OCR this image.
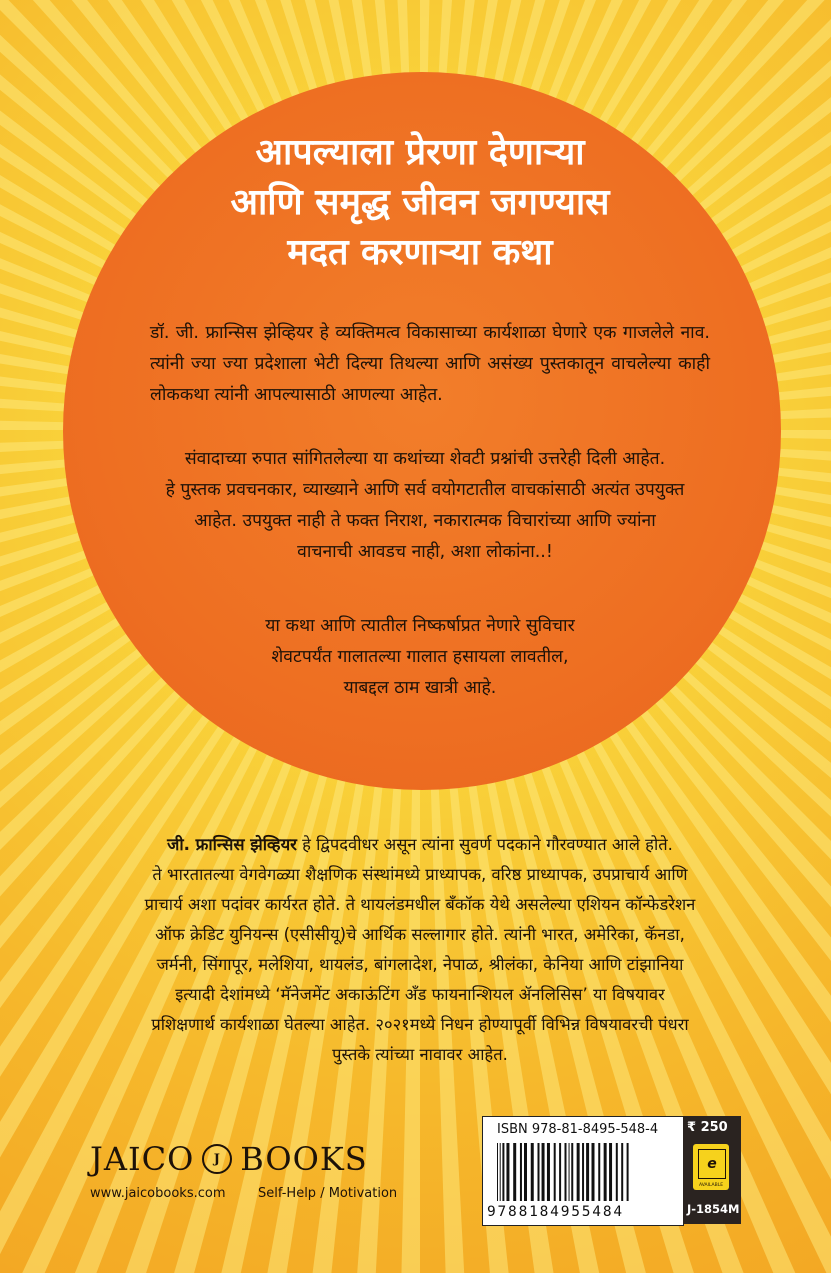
आपल्याला प्रेरणा देणाऱ्या
आणि समृद्ध जीवन जगण्यास
मदत करणाऱ्या कथा
डॉ. जी. फ्रान्सिस झेव्हियर हे व्यक्तिमत्व विकासाच्या कार्यशाळा घेणारे एक गाजलेले नाव. त्यांनी ज्या ज्या प्रदेशाला भेटी दिल्या तिथल्या आणि असंख्य पुस्तकातून वाचलेल्या काही लोककथा त्यांनी आपल्यासाठी आणल्या आहेत.
संवादाच्या रुपात सांगितलेल्या या कथांच्या शेवटी प्रश्नांची उत्तरेही दिली आहेत.
हे पुस्तक प्रवचनकार, व्याख्याने आणि सर्व वयोगटातील वाचकांसाठी अत्यंत उपयुक्त
आहेत. उपयुक्त नाही ते फक्त निराश, नकारात्मक विचारांच्या आणि ज्यांना
वाचनाची आवडच नाही, अशा लोकांना..!
या कथा आणि त्यातील निष्कर्षाप्रत नेणारे सुविचार
शेवटपर्यंत गालातल्या गालात हसायला लावतील,
याबद्दल ठाम खात्री आहे.
जी. फ्रान्सिस झेव्हियर हे द्विपदवीधर असून त्यांना सुवर्ण पदकाने गौरवण्यात आले होते.
ते भारतातल्या वेगवेगळ्या शैक्षणिक संस्थांमध्ये प्राध्यापक, वरिष्ठ प्राध्यापक, उपप्राचार्य आणि
प्राचार्य अशा पदांवर कार्यरत होते. ते थायलंडमधील बँकॉक येथे असलेल्या एशियन कॉन्फेडरेशन
ऑफ क्रेडिट युनियन्स (एसीसीयू)चे आर्थिक सल्लागार होते. त्यांनी भारत, अमेरिका, कॅनडा,
जर्मनी, सिंगापूर, मलेशिया, थायलंड, बांगलादेश, नेपाळ, श्रीलंका, केनिया आणि टांझानिया
इत्यादी देशांमध्ये ‘मॅनेजमेंट अकाऊंटिंग अँड फायनान्शियल ॲनलिसिस’ या विषयावर
प्रशिक्षणार्थ कार्यशाळा घेतल्या आहेत. २०२१मध्ये निधन होण्यापूर्वी विभिन्न विषयावरची पंधरा
पुस्तके त्यांच्या नावावर आहेत.
JAICO	J BOOKS
www.jaicobooks.com	Self-Help / Motivation
ISBN 978-81-8495-548-4
9788184955484
₹ 250
e
AVAILABLE
J-1854M
